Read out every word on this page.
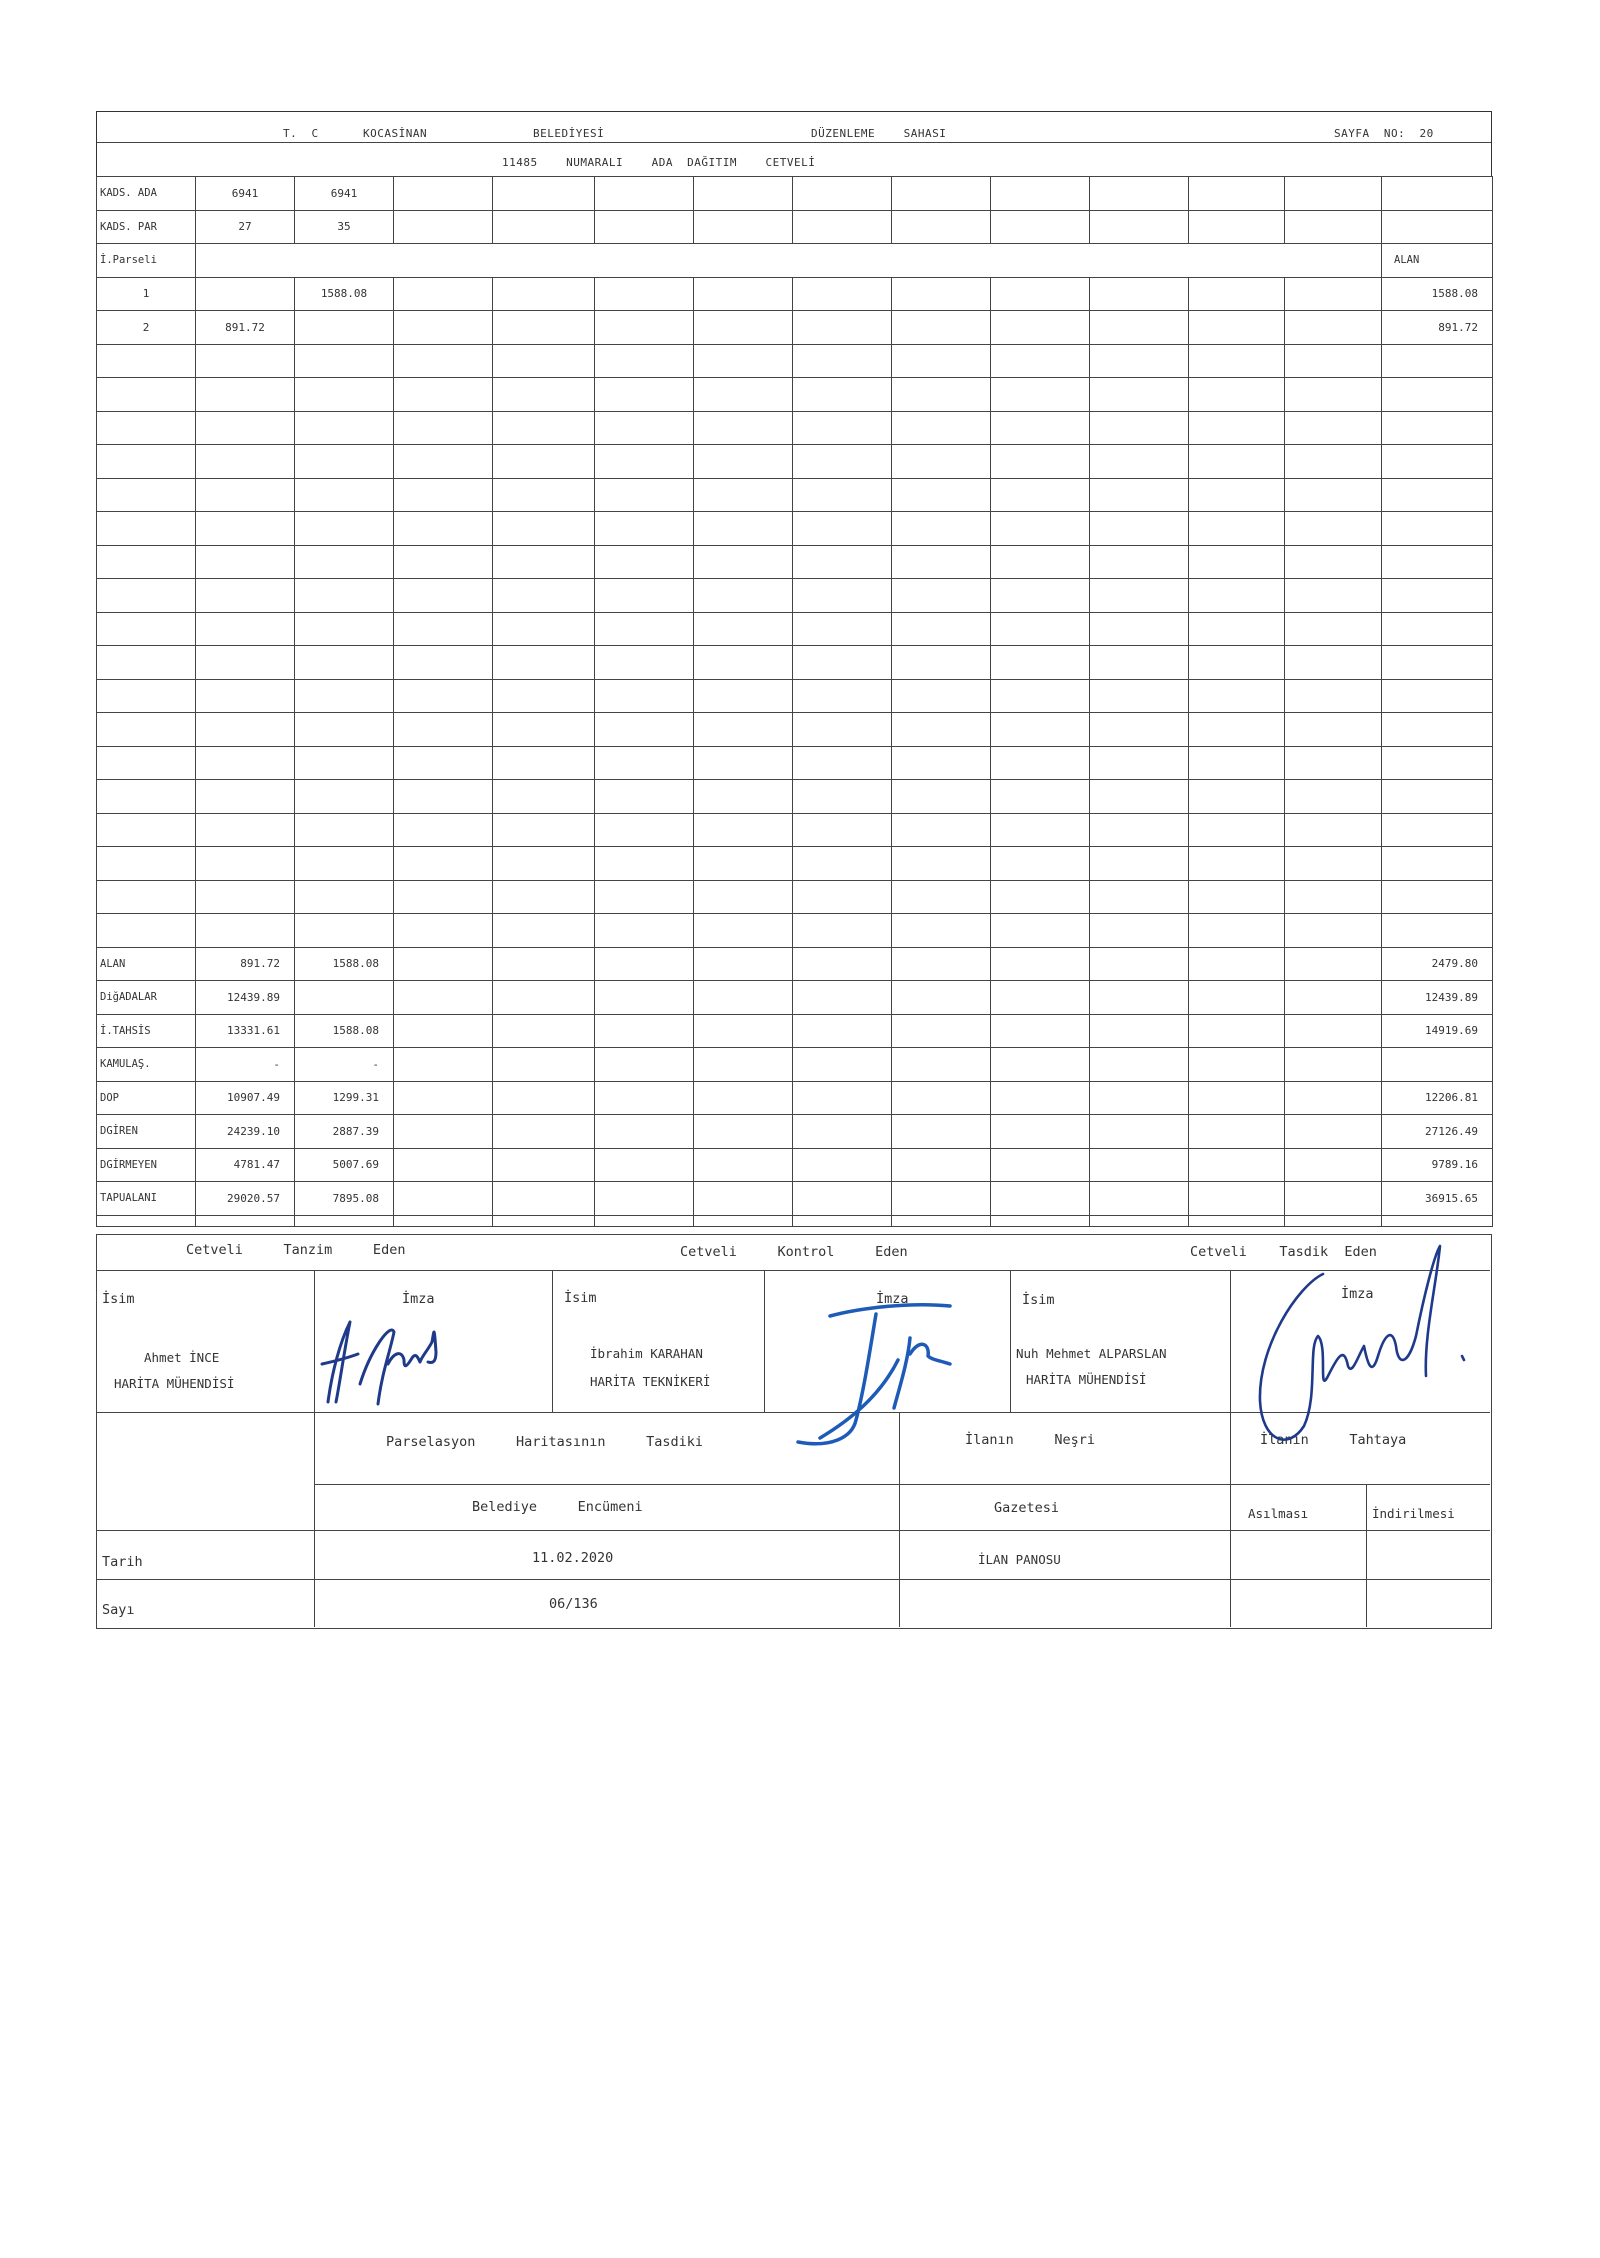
T.  C	KOCASİNAN	BELEDİYESİ	DÜZENLEME    SAHASI	SAYFA  NO:  20
11485    NUMARALI    ADA  DAĞITIM    CETVELİ
KADS. ADA	6941	6941											
KADS. PAR	27	35											
İ.Parseli													ALAN
1		1588.08											1588.08
2	891.72												891.72

ALAN	891.72	1588.08											2479.80
DiğADALAR	12439.89												12439.89
İ.TAHSİS	13331.61	1588.08											14919.69
KAMULAŞ.	-	-											
DOP	10907.49	1299.31											12206.81
DGİREN	24239.10	2887.39											27126.49
DGİRMEYEN	4781.47	5007.69											9789.16
TAPUALANI	29020.57	7895.08											36915.65

Cetveli     Tanzim     Eden	Cetveli     Kontrol     Eden	Cetveli    Tasdik  Eden
İsim	İmza	İsim	İmza	İsim	İmza
Ahmet İNCE
HARİTA MÜHENDİSİ
İbrahim KARAHAN
HARİTA TEKNİKERİ
Nuh Mehmet ALPARSLAN
HARİTA MÜHENDİSİ
Parselasyon     Haritasının     Tasdiki	İlanın     Neşri	İlanın     Tahtaya
Belediye     Encümeni	Gazetesi	Asılması	İndirilmesi
Tarih	11.02.2020	İLAN PANOSU
Sayı	06/136
